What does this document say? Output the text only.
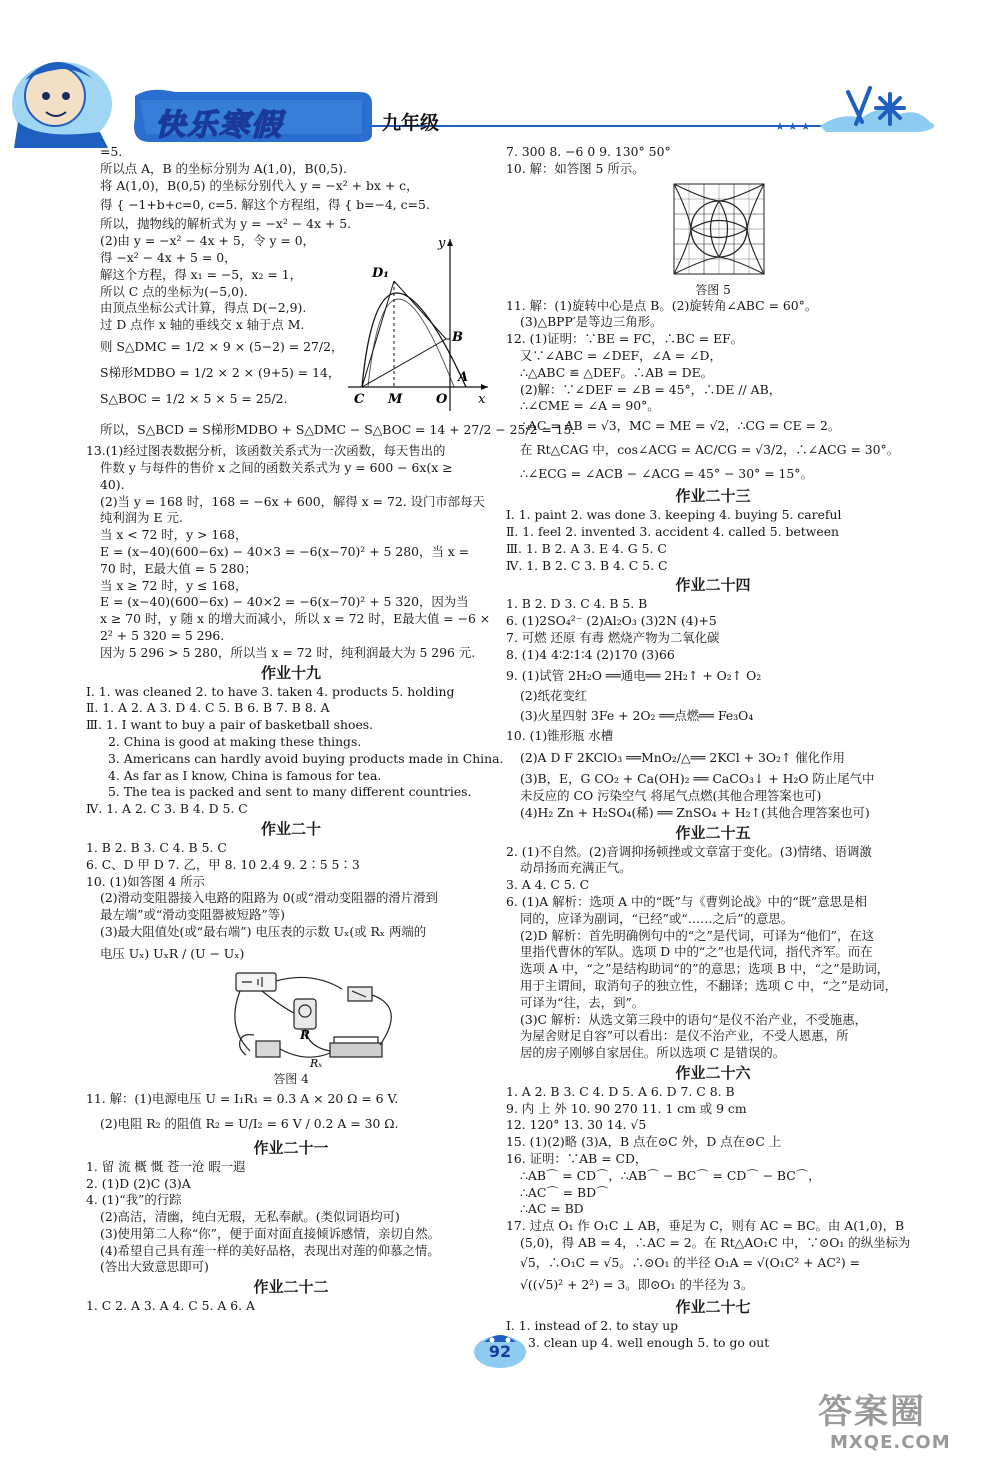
快乐寒假	九年级	★★★
=5.
所以点 A，B 的坐标分别为 A(1,0)，B(0,5).
将 A(1,0)，B(0,5) 的坐标分别代入 y = −x² + bx + c，
得 { −1+b+c=0, c=5. 解这个方程组，得 { b=−4, c=5.
所以，抛物线的解析式为 y = −x² − 4x + 5.
(2)由 y = −x² − 4x + 5，令 y = 0，
得 −x² − 4x + 5 = 0，
解这个方程，得 x₁ = −5，x₂ = 1，
所以 C 点的坐标为(−5,0).
由顶点坐标公式计算，得点 D(−2,9).
过 D 点作 x 轴的垂线交 x 轴于点 M.
则 S△DMC = 1/2 × 9 × (5−2) = 27/2，
S梯形MDBO = 1/2 × 2 × (9+5) = 14，
S△BOC = 1/2 × 5 × 5 = 25/2.
y
x
D₁
B
C M	O
A
所以，S△BCD = S梯形MDBO + S△DMC − S△BOC = 14 + 27/2 − 25/2 = 15.
13.(1)经过图表数据分析，该函数关系式为一次函数，每天售出的
件数 y 与每件的售价 x 之间的函数关系式为 y = 600 − 6x(x ≥
40).
(2)当 y = 168 时，168 = −6x + 600，解得 x = 72. 设门市部每天
纯利润为 E 元.
当 x < 72 时，y > 168，
E = (x−40)(600−6x) − 40×3 = −6(x−70)² + 5 280，当 x =
70 时，E最大值 = 5 280；
当 x ≥ 72 时，y ≤ 168，
E = (x−40)(600−6x) − 40×2 = −6(x−70)² + 5 320，因为当
x ≥ 70 时，y 随 x 的增大而减小，所以 x = 72 时，E最大值 = −6 ×
2² + 5 320 = 5 296.
因为 5 296 > 5 280，所以当 x = 72 时，纯利润最大为 5 296 元.
作业十九
Ⅰ. 1. was cleaned 2. to have 3. taken 4. products 5. holding
Ⅱ. 1. A 2. A 3. D 4. C 5. B 6. B 7. B 8. A
Ⅲ. 1. I want to buy a pair of basketball shoes.
2. China is good at making these things.
3. Americans can hardly avoid buying products made in China.
4. As far as I know, China is famous for tea.
5. The tea is packed and sent to many different countries.
Ⅳ. 1. A 2. C 3. B 4. D 5. C
作业二十
1. B 2. B 3. C 4. B 5. C
6. C、D 甲 D 7. 乙，甲 8. 10 2.4 9. 2∶5 5∶3
10. (1)如答图 4 所示
(2)滑动变阻器接入电路的阻路为 0(或“滑动变阻器的滑片滑到
最左端”或“滑动变阻器被短路”等)
(3)最大阻值处(或“最右端”) 电压表的示数 Uₓ(或 Rₓ 两端的
电压 Uₓ) UₓR / (U − Uₓ)
R
Rₓ
答图 4
11. 解：(1)电源电压 U = I₁R₁ = 0.3 A × 20 Ω = 6 V.
(2)电阻 R₂ 的阻值 R₂ = U/I₂ = 6 V / 0.2 A = 30 Ω.
作业二十一
1. 留 流 概 慨 苍一沧 暇一遐
2. (1)D (2)C (3)A
4. (1)“我”的行踪
(2)高洁，清幽，纯白无瑕，无私奉献。(类似词语均可)
(3)使用第二人称“你”，便于面对面直接倾诉感情，亲切自然。
(4)希望自己具有莲一样的美好品格，表现出对莲的仰慕之情。
(答出大致意思即可)
作业二十二
1. C 2. A 3. A 4. C 5. A 6. A
7. 300 8. −6 0 9. 130° 50°
10. 解：如答图 5 所示。
答图 5
11. 解：(1)旋转中心是点 B。(2)旋转角∠ABC = 60°。
(3)△BPP′是等边三角形。
12. (1)证明：∵BE = FC，∴BC = EF。
又∵∠ABC = ∠DEF，∠A = ∠D，
∴△ABC ≌ △DEF。∴AB = DE。
(2)解：∵∠DEF = ∠B = 45°，∴DE // AB，
∴∠CME = ∠A = 90°。
∴AC = AB = √3，MC = ME = √2，∴CG = CE = 2。
在 Rt△CAG 中，cos∠ACG = AC/CG = √3/2，∴∠ACG = 30°。
∴∠ECG = ∠ACB − ∠ACG = 45° − 30° = 15°。
作业二十三
Ⅰ. 1. paint 2. was done 3. keeping 4. buying 5. careful
Ⅱ. 1. feel 2. invented 3. accident 4. called 5. between
Ⅲ. 1. B 2. A 3. E 4. G 5. C
Ⅳ. 1. B 2. C 3. B 4. C 5. C
作业二十四
1. B 2. D 3. C 4. B 5. B
6. (1)2SO₄²⁻ (2)Al₂O₃ (3)2N (4)+5
7. 可燃 还原 有毒 燃烧产物为二氧化碳
8. (1)4 4∶2∶1∶4 (2)170 (3)66
9. (1)试管 2H₂O ══通电══ 2H₂↑ + O₂↑ O₂
(2)纸花变红
(3)火星四射 3Fe + 2O₂ ══点燃══ Fe₃O₄
10. (1)锥形瓶 水槽
(2)A D F 2KClO₃ ══MnO₂/△══ 2KCl + 3O₂↑ 催化作用
(3)B，E，G CO₂ + Ca(OH)₂ ══ CaCO₃↓ + H₂O 防止尾气中
未反应的 CO 污染空气 将尾气点燃(其他合理答案也可)
(4)H₂ Zn + H₂SO₄(稀) ══ ZnSO₄ + H₂↑(其他合理答案也可)
作业二十五
2. (1)不自然。(2)音调抑扬顿挫或文章富于变化。(3)情绪、语调激
动昂扬而充满正气。
3. A 4. C 5. C
6. (1)A 解析：选项 A 中的“既”与《曹刿论战》中的“既”意思是相
同的，应译为副词，“已经”或“……之后”的意思。
(2)D 解析：首先明确例句中的“之”是代词，可译为“他们”，在这
里指代曹休的军队。选项 D 中的“之”也是代词，指代齐军。而在
选项 A 中，“之”是结构助词“的”的意思；选项 B 中，“之”是助词，
用于主谓间，取消句子的独立性，不翻译；选项 C 中，“之”是动词，
可译为“往，去，到”。
(3)C 解析：从选文第三段中的语句“是仪不治产业，不受施惠，
为屋舍财足自容”可以看出：是仪不治产业，不受人恩惠，所
居的房子刚够自家居住。所以选项 C 是错误的。
作业二十六
1. A 2. B 3. C 4. D 5. A 6. D 7. C 8. B
9. 内 上 外 10. 90 270 11. 1 cm 或 9 cm
12. 120° 13. 30 14. √5
15. (1)(2)略 (3)A，B 点在⊙C 外，D 点在⊙C 上
16. 证明：∵AB = CD，
∴AB⌒ = CD⌒，∴AB⌒ − BC⌒ = CD⌒ − BC⌒，
∴AC⌒ = BD⌒
∴AC = BD
17. 过点 O₁ 作 O₁C ⊥ AB，垂足为 C，则有 AC = BC。由 A(1,0)，B
(5,0)，得 AB = 4，∴AC = 2。在 Rt△AO₁C 中，∵⊙O₁ 的纵坐标为
√5，∴O₁C = √5。∴⊙O₁ 的半径 O₁A = √(O₁C² + AC²) =
√((√5)² + 2²) = 3。即⊙O₁ 的半径为 3。
作业二十七
Ⅰ. 1. instead of 2. to stay up
3. clean up 4. well enough 5. to go out
92
答案圈
MXQE.COM
